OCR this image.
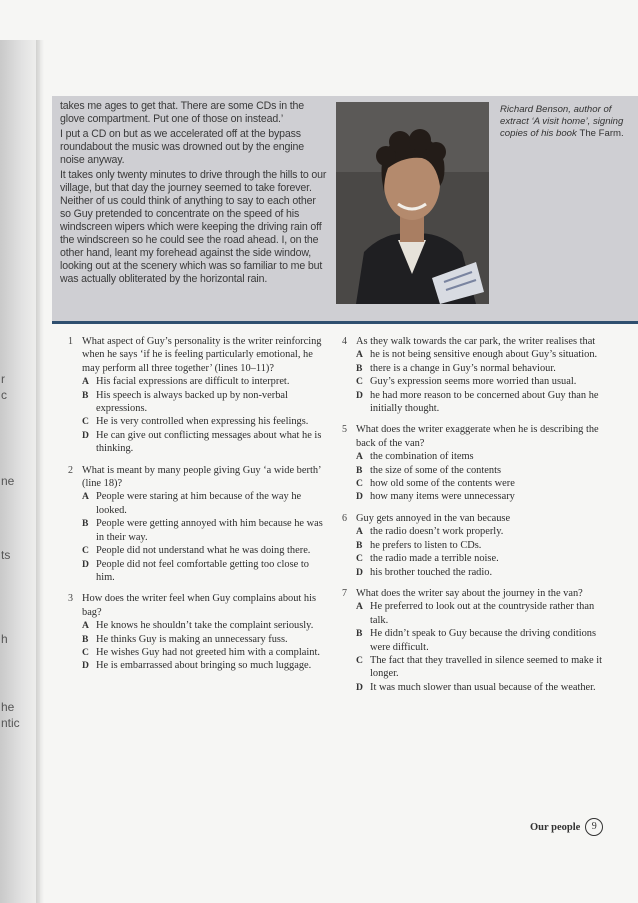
r
c
ne
ts
h
he
ntic

takes me ages to get that. There are some CDs in the glove compartment. Put one of those on instead.’

I put a CD on but as we accelerated off at the bypass roundabout the music was drowned out by the engine noise anyway.

It takes only twenty minutes to drive through the hills to our village, but that day the journey seemed to take forever. Neither of us could think of anything to say to each other so Guy pretended to concentrate on the speed of his windscreen wipers which were keeping the driving rain off the windscreen so he could see the road ahead. I, on the other hand, leant my forehead against the side window, looking out at the scenery which was so familiar to me but was actually obliterated by the horizontal rain.

Richard Benson, author of extract ‘A visit home’, signing copies of his book The Farm.
1 What aspect of Guy’s personality is the writer reinforcing when he says ‘if he is feeling particularly emotional, he may perform all three together’ (lines 10–11)?
A His facial expressions are difficult to interpret.
B His speech is always backed up by non-verbal expressions.
C He is very controlled when expressing his feelings.
D He can give out conflicting messages about what he is thinking.
2 What is meant by many people giving Guy ‘a wide berth’ (line 18)?
A People were staring at him because of the way he looked.
B People were getting annoyed with him because he was in their way.
C People did not understand what he was doing there.
D People did not feel comfortable getting too close to him.
3 How does the writer feel when Guy complains about his bag?
A He knows he shouldn’t take the complaint seriously.
B He thinks Guy is making an unnecessary fuss.
C He wishes Guy had not greeted him with a complaint.
D He is embarrassed about bringing so much luggage.
4 As they walk towards the car park, the writer realises that
A he is not being sensitive enough about Guy’s situation.
B there is a change in Guy’s normal behaviour.
C Guy’s expression seems more worried than usual.
D he had more reason to be concerned about Guy than he initially thought.
5 What does the writer exaggerate when he is describing the back of the van?
A the combination of items
B the size of some of the contents
C how old some of the contents were
D how many items were unnecessary
6 Guy gets annoyed in the van because
A the radio doesn’t work properly.
B he prefers to listen to CDs.
C the radio made a terrible noise.
D his brother touched the radio.
7 What does the writer say about the journey in the van?
A He preferred to look out at the countryside rather than talk.
B He didn’t speak to Guy because the driving conditions were difficult.
C The fact that they travelled in silence seemed to make it longer.
D It was much slower than usual because of the weather.
Our people	9
